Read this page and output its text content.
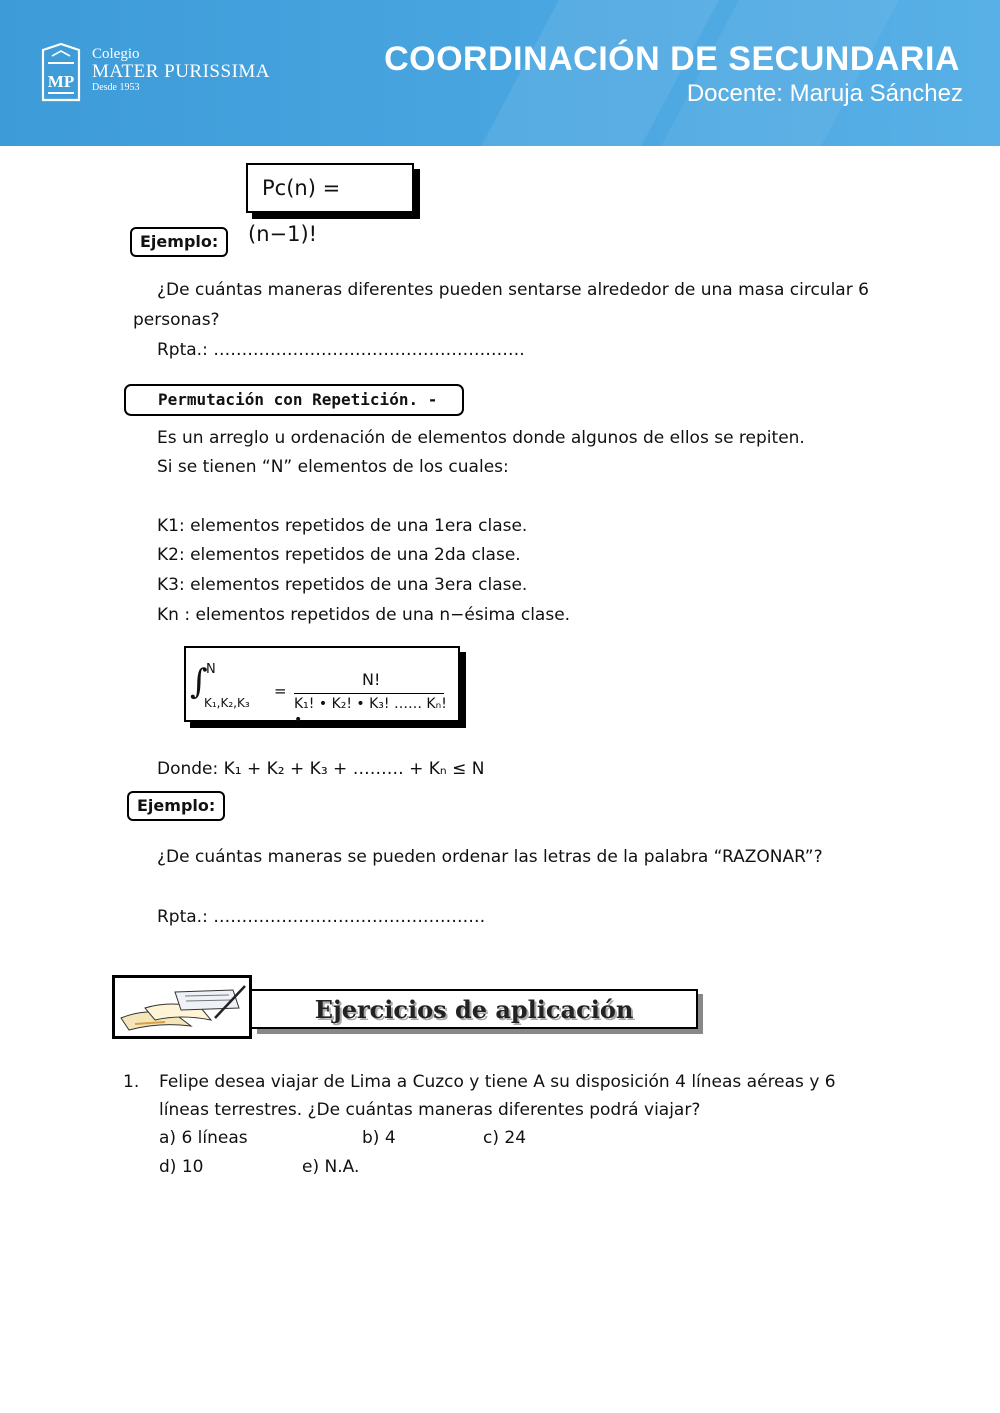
MP
Colegio
MATER PURISSIMA
Desde 1953
COORDINACIÓN DE SECUNDARIA
Docente: Maruja Sánchez
Pc(n) = (n−1)!
Ejemplo:
¿De cuántas maneras diferentes pueden sentarse alrededor de una masa circular 6
personas?
Rpta.: ……………………………………………….
Permutación con Repetición. -
Es un arreglo u ordenación de elementos donde algunos de ellos se repiten.
Si se tienen “N” elementos de los cuales:
K1: elementos repetidos de una 1era clase.
K2: elementos repetidos de una 2da clase.
K3: elementos repetidos de una 3era clase.
Kn : elementos repetidos de una n−ésima clase.
∫
N
K₁,K₂,K₃
=
N!
K₁! • K₂! • K₃! …… Kₙ! •
Donde: K₁ + K₂ + K₃ + ……… + Kₙ ≤ N
Ejemplo:
¿De cuántas maneras se pueden ordenar las letras de la palabra “RAZONAR”?
Rpta.: …………………………………………
Ejercicios de aplicación
1. Felipe desea viajar de Lima a Cuzco y tiene A su disposición 4 líneas aéreas y 6
líneas terrestres. ¿De cuántas maneras diferentes podrá viajar?
a) 6 líneas	b) 4	c) 24
d) 10	e) N.A.
